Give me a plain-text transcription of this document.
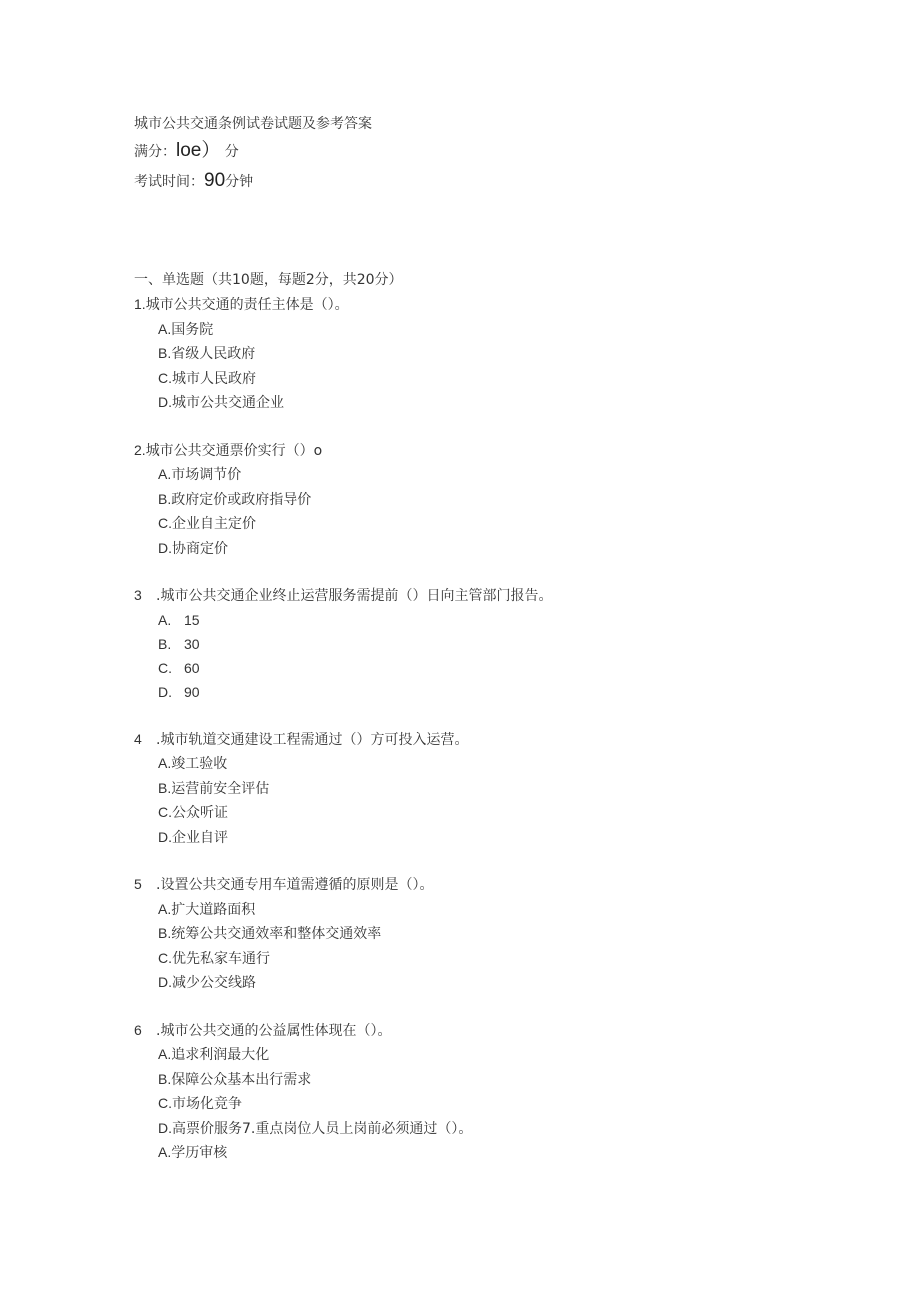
城市公共交通条例试卷试题及参考答案
满分：loe） 分
考试时间：90分钟
一、单选题（共10题，每题2分，共20分）
1.城市公共交通的责任主体是（）。
A.国务院
B.省级人民政府
C.城市人民政府
D.城市公共交通企业
2.城市公共交通票价实行（）o
A.市场调节价
B.政府定价或政府指导价
C.企业自主定价
D.协商定价
3 .城市公共交通企业终止运营服务需提前（）日向主管部门报告。
A. 15
B. 30
C. 60
D. 90
4 .城市轨道交通建设工程需通过（）方可投入运营。
A.竣工验收
B.运营前安全评估
C.公众听证
D.企业自评
5 .设置公共交通专用车道需遵循的原则是（）。
A.扩大道路面积
B.统筹公共交通效率和整体交通效率
C.优先私家车通行
D.减少公交线路
6 .城市公共交通的公益属性体现在（）。
A.追求利润最大化
B.保障公众基本出行需求
C.市场化竞争
D.高票价服务7.重点岗位人员上岗前必须通过（）。
A.学历审核
